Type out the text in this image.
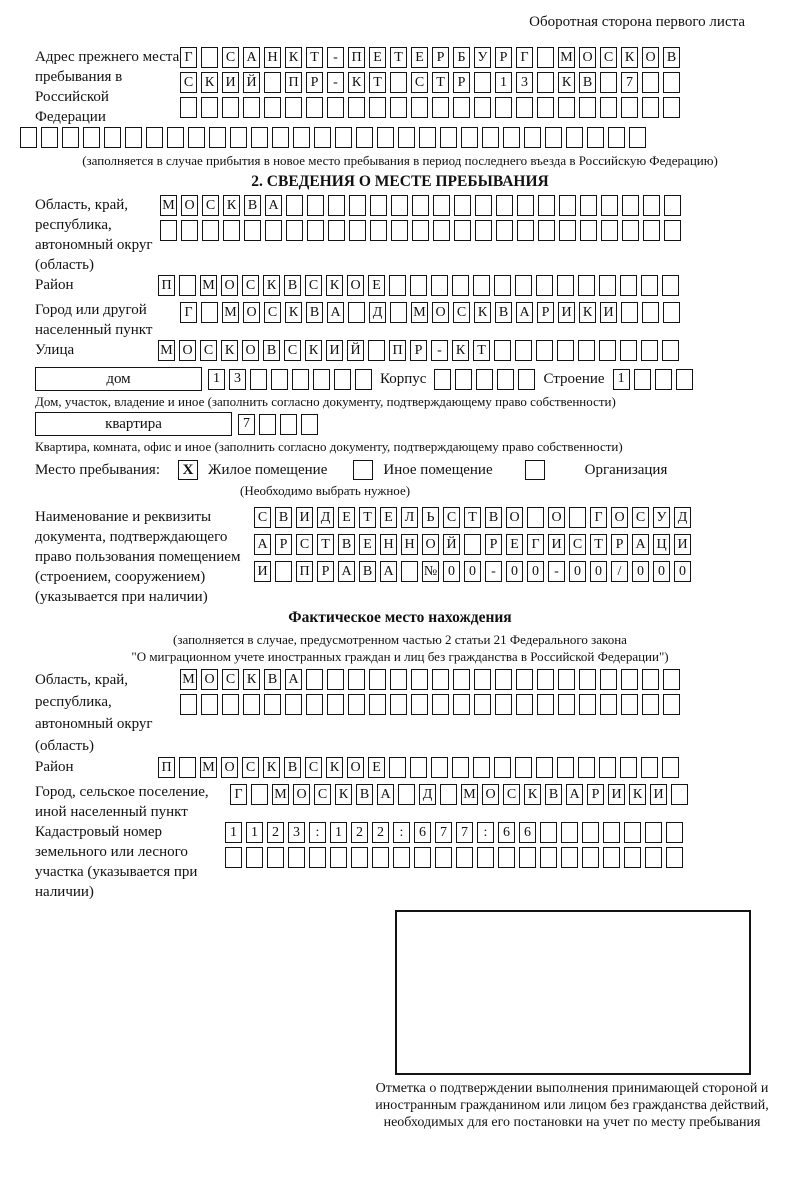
Оборотная сторона первого листа
Адрес прежнего места пребывания в Российской Федерации
Г	С А Н К Т	- П Е Т Е Р Б У Р Г	М О С К О В
С К И Й П Р	-	К Т	С Т Р	1	3	К В	7
(заполняется в случае прибытия в новое место пребывания в период последнего въезда в Российскую Федерацию)
2. СВЕДЕНИЯ О МЕСТЕ ПРЕБЫВАНИЯ
Область, край, республика, автономный округ (область)
М О С К В А
Район	П М О С К В С К О Е
Город или другой населенный пункт
Г	М О С К В А Д М О С К В А Р И К И
Улица	М О С К О В С К И Й П Р	-	К Т
дом	1	3	Корпус	Строение 1
Дом, участок, владение и иное (заполнить согласно документу, подтверждающему право собственности)
квартира	7
Квартира, комната, офис и иное (заполнить согласно документу, подтверждающему право собственности)
Место пребывания:	X Жилое помещение	Иное помещение	Организация
(Необходимо выбрать нужное)
Наименование и реквизиты документа, подтверждающего право пользования помещением (строением, сооружением) (указывается при наличии)
С В И Д Е Т Е Л Ь С Т В О О	Г О С У Д
А Р С Т В Е Н Н О Й	Р Е Г И С Т Р А Ц И
И П Р А В А № 0	0	-	0	0	-	0	0	/	0	0	0
Фактическое место нахождения
(заполняется в случае, предусмотренном частью 2 статьи 21 Федерального закона
"О миграционном учете иностранных граждан и лиц без гражданства в Российской Федерации")
Область, край, республика, автономный округ (область)
М О С К В А
Район	П М О С К В С К О Е
Город, сельское поселение, иной населенный пункт
Г	М О С К В А Д М О С К В А Р И К И
Кадастровый номер земельного или лесного участка (указывается при наличии)
1	1	2	3	:	1	2	2	:	6	7	7	:	6	6
Отметка о подтверждении выполнения принимающей стороной и иностранным гражданином или лицом без гражданства действий, необходимых для его постановки на учет по месту пребывания
